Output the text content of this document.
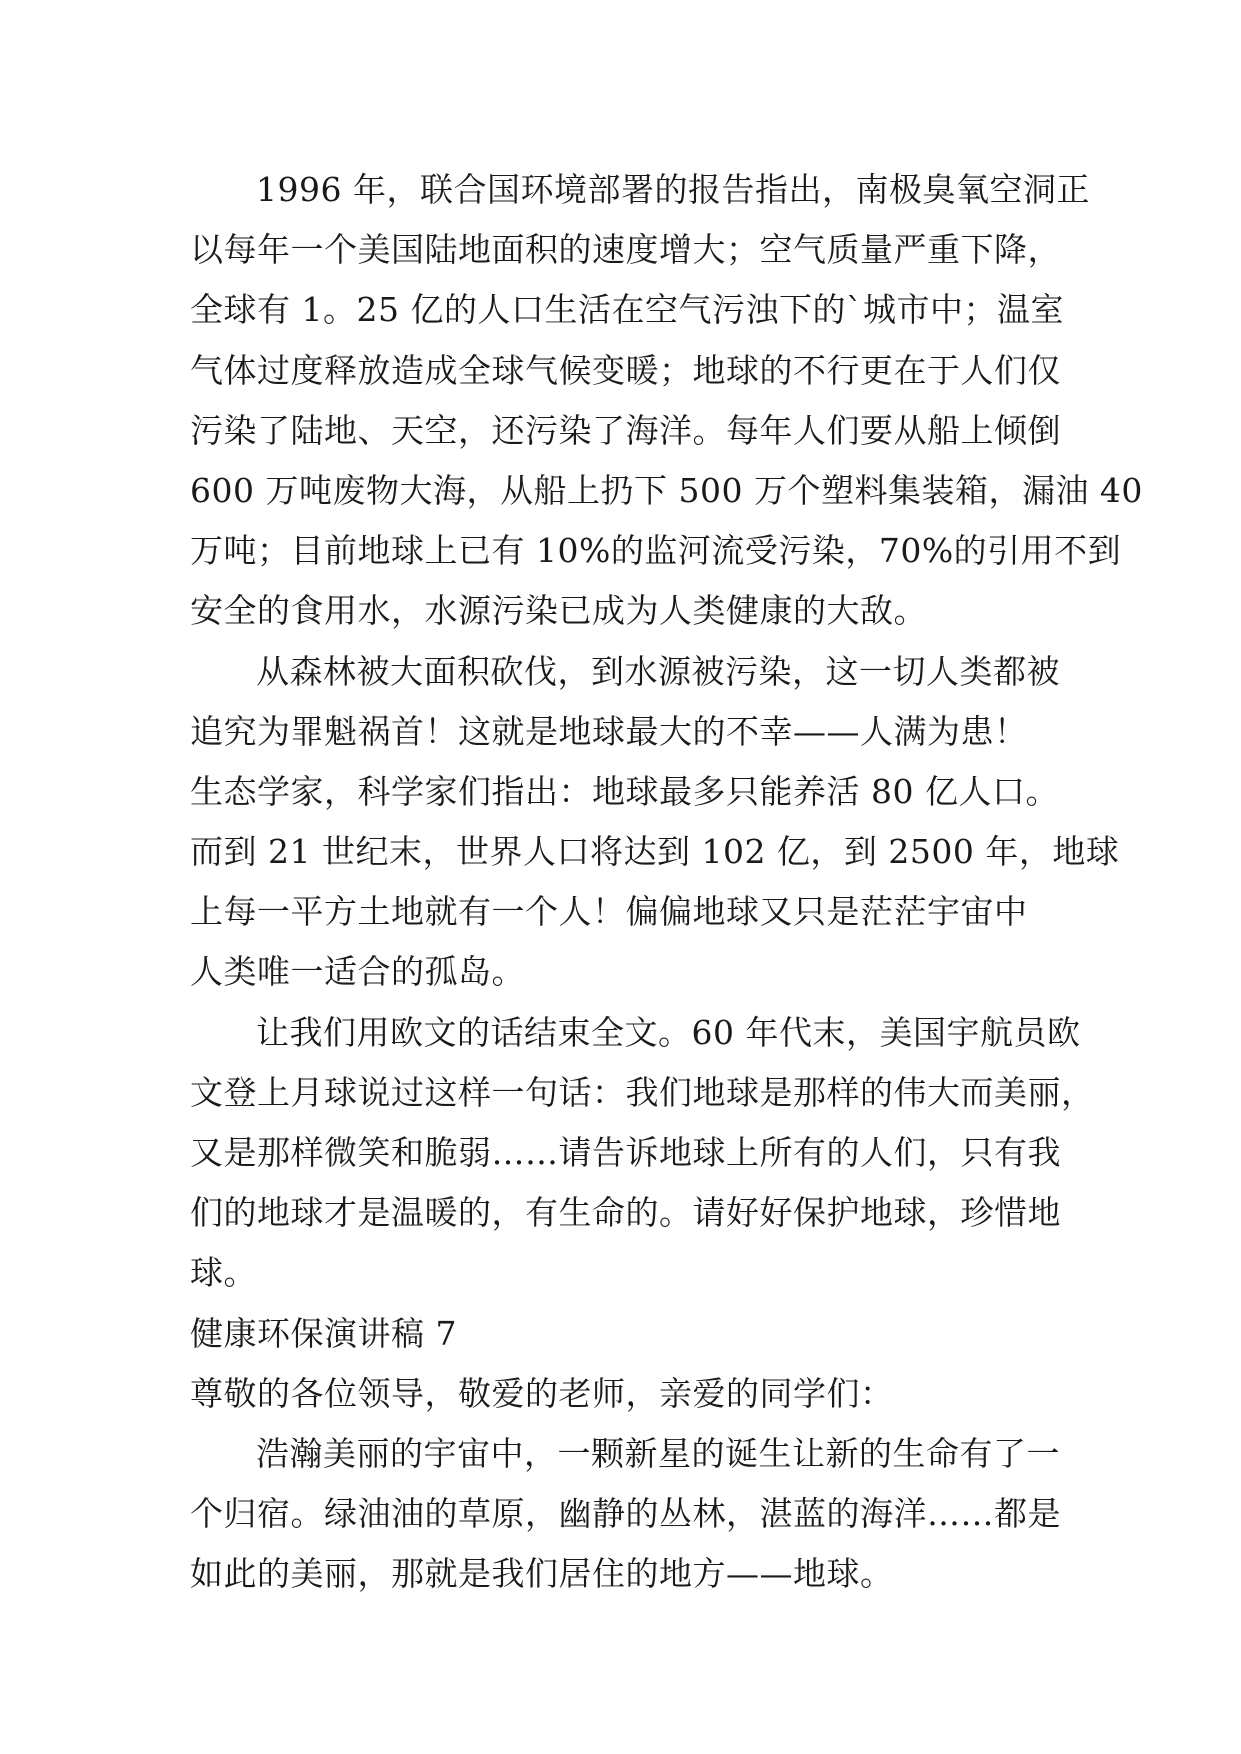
1996 年，联合国环境部署的报告指出，南极臭氧空洞正
以每年一个美国陆地面积的速度增大；空气质量严重下降，
全球有 1。25 亿的人口生活在空气污浊下的`城市中；温室
气体过度释放造成全球气候变暖；地球的不行更在于人们仅
污染了陆地、天空，还污染了海洋。每年人们要从船上倾倒
600 万吨废物大海，从船上扔下 500 万个塑料集装箱，漏油 40
万吨；目前地球上已有 10%的监河流受污染，70%的引用不到
安全的食用水，水源污染已成为人类健康的大敌。
从森林被大面积砍伐，到水源被污染，这一切人类都被
追究为罪魁祸首！这就是地球最大的不幸——人满为患！
生态学家，科学家们指出：地球最多只能养活 80 亿人口。
而到 21 世纪末，世界人口将达到 102 亿，到 2500 年，地球
上每一平方土地就有一个人！偏偏地球又只是茫茫宇宙中
人类唯一适合的孤岛。
让我们用欧文的话结束全文。60 年代末，美国宇航员欧
文登上月球说过这样一句话：我们地球是那样的伟大而美丽，
又是那样微笑和脆弱……请告诉地球上所有的人们，只有我
们的地球才是温暖的，有生命的。请好好保护地球，珍惜地
球。
健康环保演讲稿 7
尊敬的各位领导，敬爱的老师，亲爱的同学们：
浩瀚美丽的宇宙中，一颗新星的诞生让新的生命有了一
个归宿。绿油油的草原，幽静的丛林，湛蓝的海洋……都是
如此的美丽，那就是我们居住的地方——地球。
